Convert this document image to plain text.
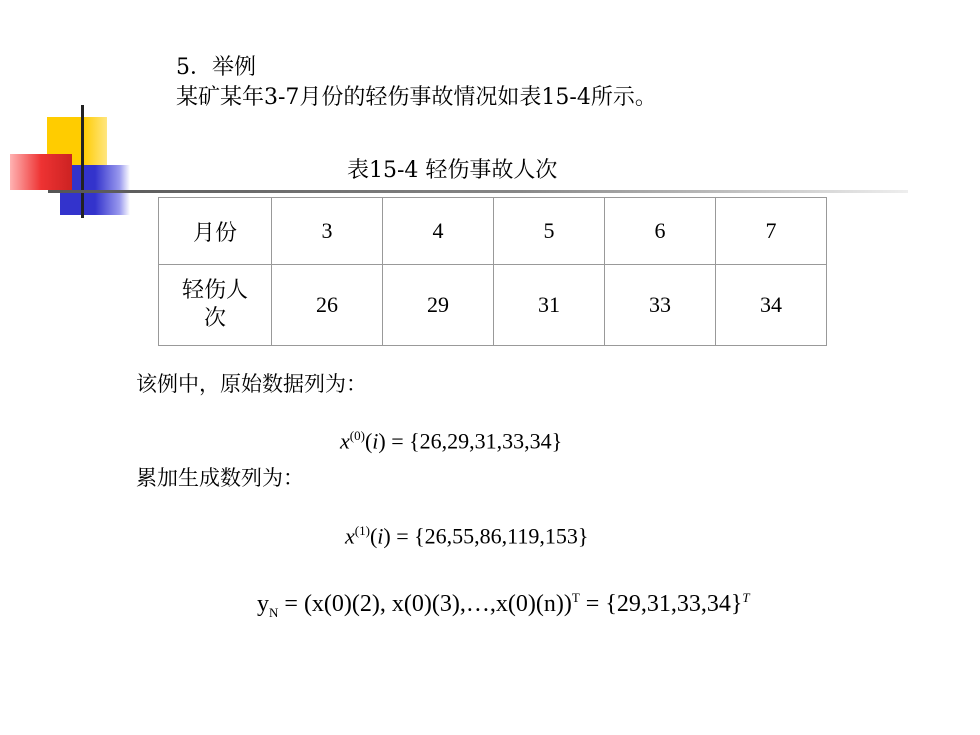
5．举例
某矿某年3-7月份的轻伤事故情况如表15-4所示。
表15-4 轻伤事故人次
月份	3	4	5	6	7

轻伤人次	26	29	31	33	34
该例中，原始数据列为：
$x^{(0)}(i) = \{26,29,31,33,34\}$
累加生成数列为：
$x^{(1)}(i) = \{26,55,86,119,153\}$
$y_N = (x(0)(2)$, x(0)(3),…,x(0)(n))$^T$ = $\{29,31,33,34\}^T$
